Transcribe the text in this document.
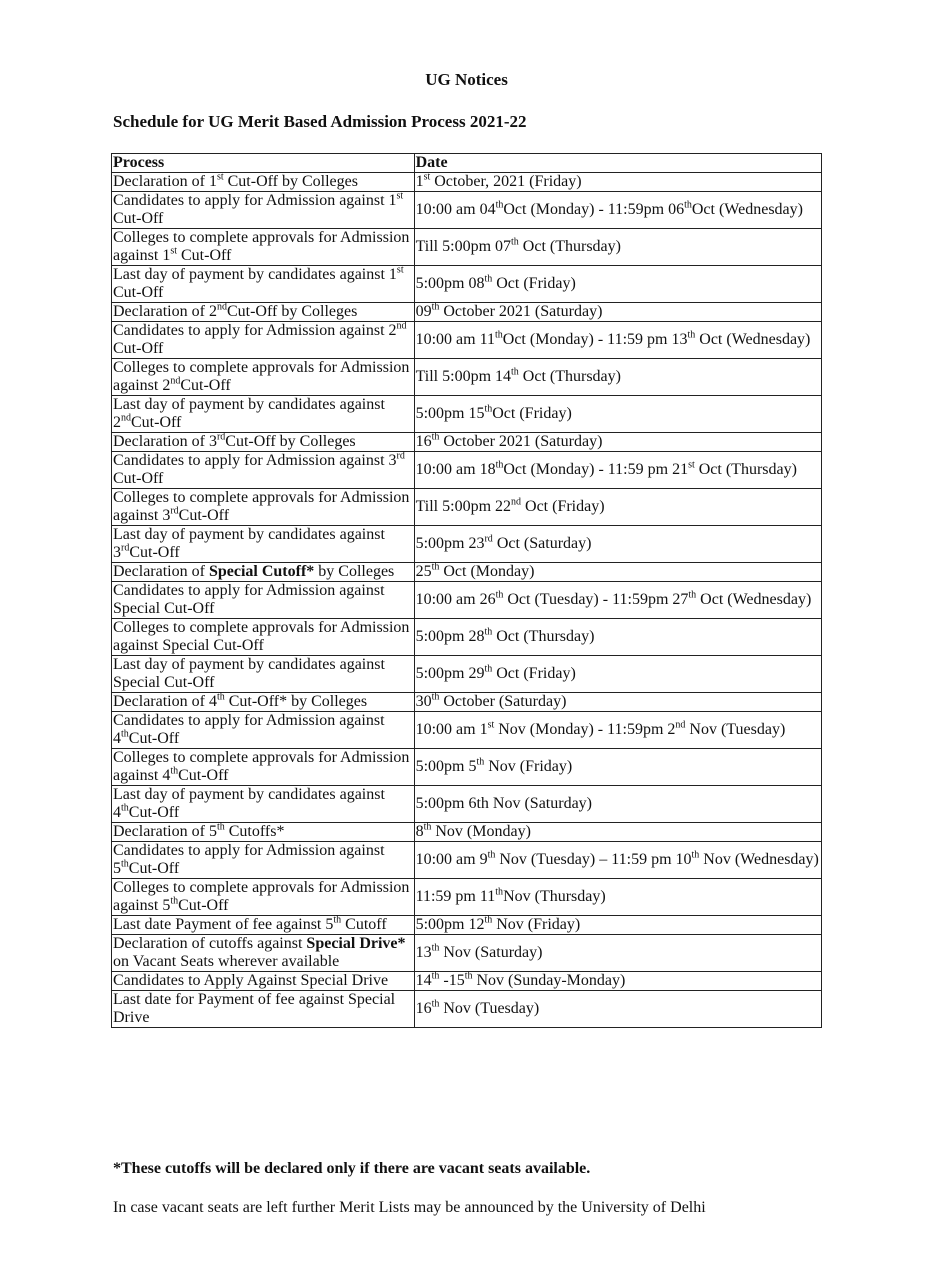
UG Notices
Schedule for UG Merit Based Admission Process 2021-22
Process	Date
Declaration of 1st Cut-Off by Colleges	1st October, 2021 (Friday)
Candidates to apply for Admission against 1st Cut-Off	10:00 am 04thOct (Monday) - 11:59pm 06thOct (Wednesday)
Colleges to complete approvals for Admission against 1st Cut-Off	Till 5:00pm 07th Oct (Thursday)
Last day of payment by candidates against 1st Cut-Off	5:00pm 08th Oct (Friday)
Declaration of 2ndCut-Off by Colleges	09th October 2021 (Saturday)
Candidates to apply for Admission against 2nd Cut-Off	10:00 am 11thOct (Monday) - 11:59 pm 13th Oct (Wednesday)
Colleges to complete approvals for Admission against 2ndCut-Off	Till 5:00pm 14th Oct (Thursday)
Last day of payment by candidates against 2ndCut-Off	5:00pm 15thOct (Friday)
Declaration of 3rdCut-Off by Colleges	16th October 2021 (Saturday)
Candidates to apply for Admission against 3rd Cut-Off	10:00 am 18thOct (Monday) - 11:59 pm 21st Oct (Thursday)
Colleges to complete approvals for Admission against 3rdCut-Off	Till 5:00pm 22nd Oct (Friday)
Last day of payment by candidates against 3rdCut-Off	5:00pm 23rd Oct (Saturday)
Declaration of Special Cutoff* by Colleges	25th Oct (Monday)
Candidates to apply for Admission against Special Cut-Off	10:00 am 26th Oct (Tuesday) - 11:59pm 27th Oct (Wednesday)
Colleges to complete approvals for Admission against Special Cut-Off	5:00pm 28th Oct (Thursday)
Last day of payment by candidates against Special Cut-Off	5:00pm 29th Oct (Friday)
Declaration of 4th Cut-Off* by Colleges	30th October (Saturday)
Candidates to apply for Admission against 4thCut-Off	10:00 am 1st Nov (Monday) - 11:59pm 2nd Nov (Tuesday)
Colleges to complete approvals for Admission against 4thCut-Off	5:00pm 5th Nov (Friday)
Last day of payment by candidates against 4thCut-Off	5:00pm 6th Nov (Saturday)
Declaration of 5th Cutoffs*	8th Nov (Monday)
Candidates to apply for Admission against 5thCut-Off	10:00 am 9th Nov (Tuesday) – 11:59 pm 10th Nov (Wednesday)
Colleges to complete approvals for Admission against 5thCut-Off	11:59 pm 11thNov (Thursday)
Last date Payment of fee against 5th Cutoff	5:00pm 12th Nov (Friday)
Declaration of cutoffs against Special Drive* on Vacant Seats wherever available	13th Nov (Saturday)
Candidates to Apply Against Special Drive	14th -15th Nov (Sunday-Monday)
Last date for Payment of fee against Special Drive	16th Nov (Tuesday)
*These cutoffs will be declared only if there are vacant seats available.
In case vacant seats are left further Merit Lists may be announced by the University of Delhi
